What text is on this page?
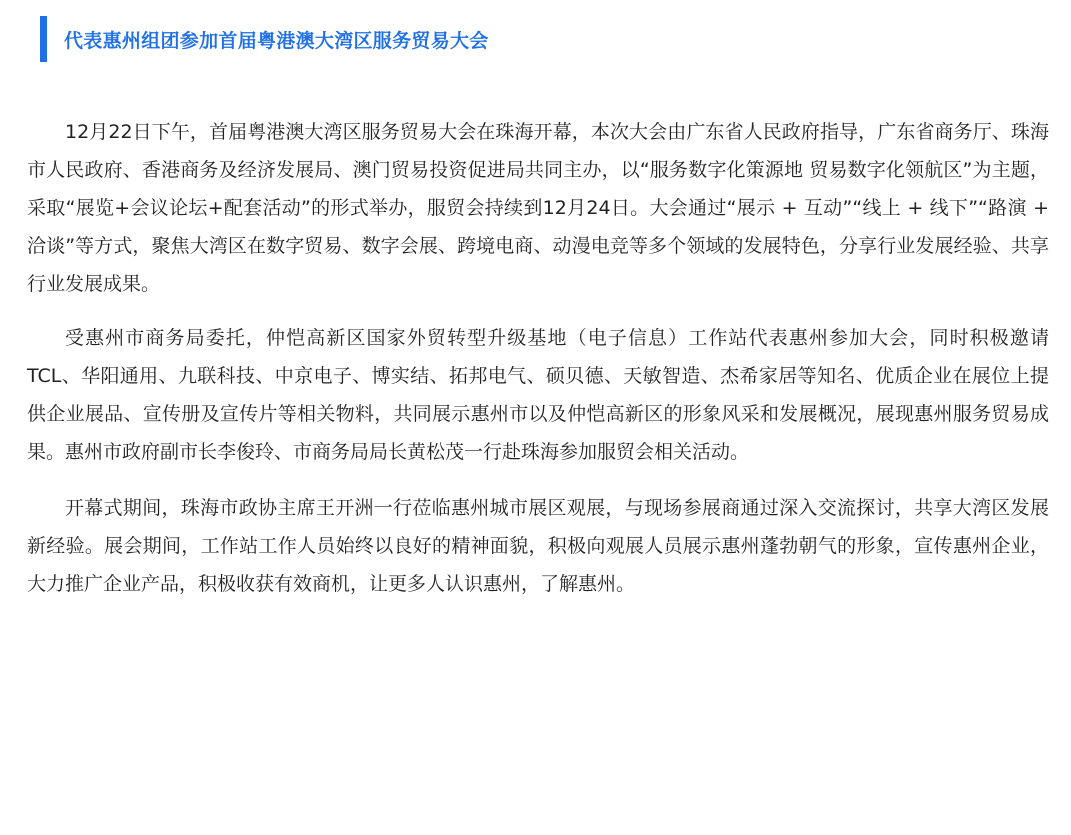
代表惠州组团参加首届粤港澳大湾区服务贸易大会

12月22日下午，首届粤港澳大湾区服务贸易大会在珠海开幕，本次大会由广东省人民政府指导，广东省商务厅、珠海市人民政府、香港商务及经济发展局、澳门贸易投资促进局共同主办，以“服务数字化策源地 贸易数字化领航区”为主题，采取“展览+会议论坛+配套活动”的形式举办，服贸会持续到12月24日。大会通过“展示 + 互动”“线上 + 线下”“路演 + 洽谈”等方式，聚焦大湾区在数字贸易、数字会展、跨境电商、动漫电竞等多个领域的发展特色，分享行业发展经验、共享行业发展成果。

受惠州市商务局委托，仲恺高新区国家外贸转型升级基地（电子信息）工作站代表惠州参加大会，同时积极邀请TCL、华阳通用、九联科技、中京电子、博实结、拓邦电气、硕贝德、天敏智造、杰希家居等知名、优质企业在展位上提供企业展品、宣传册及宣传片等相关物料，共同展示惠州市以及仲恺高新区的形象风采和发展概况，展现惠州服务贸易成果。惠州市政府副市长李俊玲、市商务局局长黄松茂一行赴珠海参加服贸会相关活动。

开幕式期间，珠海市政协主席王开洲一行莅临惠州城市展区观展，与现场参展商通过深入交流探讨，共享大湾区发展新经验。展会期间，工作站工作人员始终以良好的精神面貌，积极向观展人员展示惠州蓬勃朝气的形象，宣传惠州企业，大力推广企业产品，积极收获有效商机，让更多人认识惠州，了解惠州。
